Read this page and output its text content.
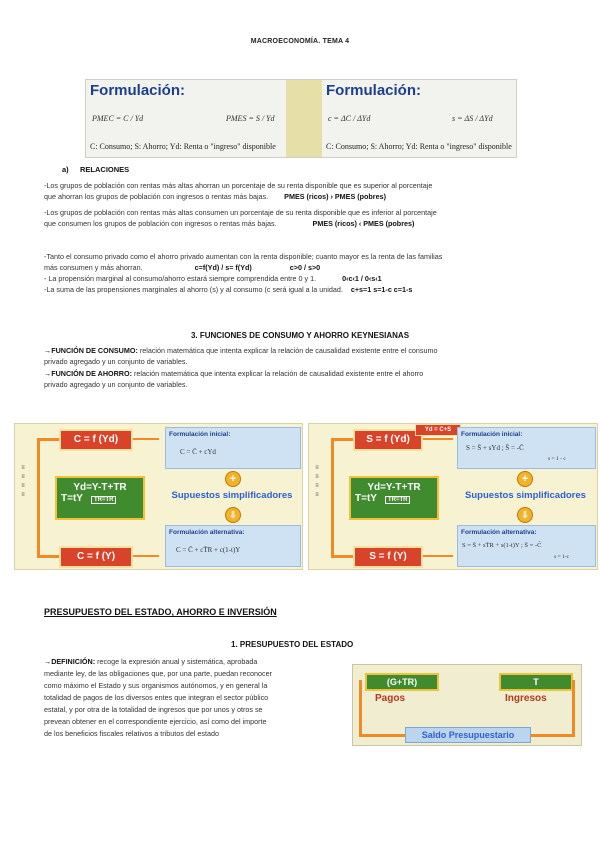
MACROECONOMÍA. TEMA 4
Formulación:
PMEC = C / Yd	PMES = S / Yd
C: Consumo; S: Ahorro; Yd: Renta o "ingreso" disponible
Formulación:
c = ΔC / ΔYd	s = ΔS / ΔYd
C: Consumo; S: Ahorro; Yd: Renta o "ingreso" disponible
a) RELACIONES
-Los grupos de población con rentas más altas ahorran un porcentaje de su renta disponible que es superior al porcentaje
que ahorran los grupos de población con ingresos o rentas más bajas. PMES (ricos) › PMES (pobres)
-Los grupos de población con rentas más altas consumen un porcentaje de su renta disponible que es inferior al porcentaje
que consumen los grupos de población con ingresos o rentas más bajas.	PMES (ricos) ‹ PMES (pobres)
-Tanto el consumo privado como el ahorro privado aumentan con la renta disponible; cuanto mayor es la renta de las familias
más consumen y más ahorran.	c=f(Yd) / s= f(Yd)	c>0 / s>0
- La propensión marginal al consumo/ahorro estará siempre comprendida entre 0 y 1.	0‹c‹1 / 0‹s‹1
-La suma de las propensiones marginales al ahorro (s) y al consumo (c será igual a la unidad. c+s=1 s=1-c c=1-s
3. FUNCIONES DE CONSUMO Y AHORRO KEYNESIANAS
→FUNCIÓN DE CONSUMO: relación matemática que intenta explicar la relación de causalidad existente entre el consumo
privado agregado y un conjunto de variables.
→FUNCIÓN DE AHORRO: relación matemática que intenta explicar la relación de causalidad existente entre el ahorro
privado agregado y un conjunto de variables.
≡
≡
≡
≡
C = f (Yd)
Yd=Y-T+TR
T=tY TR=T̄R
C = f (Y)
Formulación inicial:
C = C̄ + cYd
+
Supuestos simplificadores
⇩
Formulación alternativa:
C = C̄ + cT̄R + c(1-t)Y
≡
≡
≡
≡
S = f (Yd)
Yd = C+S
Yd=Y-T+TR
T=tY TR=T̄R
S = f (Y)
Formulación inicial:
S = S̄ + sYd ; S̄ = -C̄
s = 1 - c
+
Supuestos simplificadores
⇩
Formulación alternativa:
S = S̄ + sT̄R + s(1-t)Y ; S̄ = -C̄
s = 1-c
PRESUPUESTO DEL ESTADO, AHORRO E INVERSIÓN
1. PRESUPUESTO DEL ESTADO
→DEFINICIÓN: recoge la expresión anual y sistemática, aprobada
mediante ley, de las obligaciones que, por una parte, puedan reconocer
como máximo el Estado y sus organismos autónomos, y en general la
totalidad de pagos de los diversos entes que integran el sector público
estatal, y por otra de la totalidad de ingresos que por unos y otros se
prevean obtener en el correspondiente ejercicio, así como del importe
de los beneficios fiscales relativos a tributos del estado
(G+TR)	T
Pagos	Ingresos
Saldo Presupuestario
